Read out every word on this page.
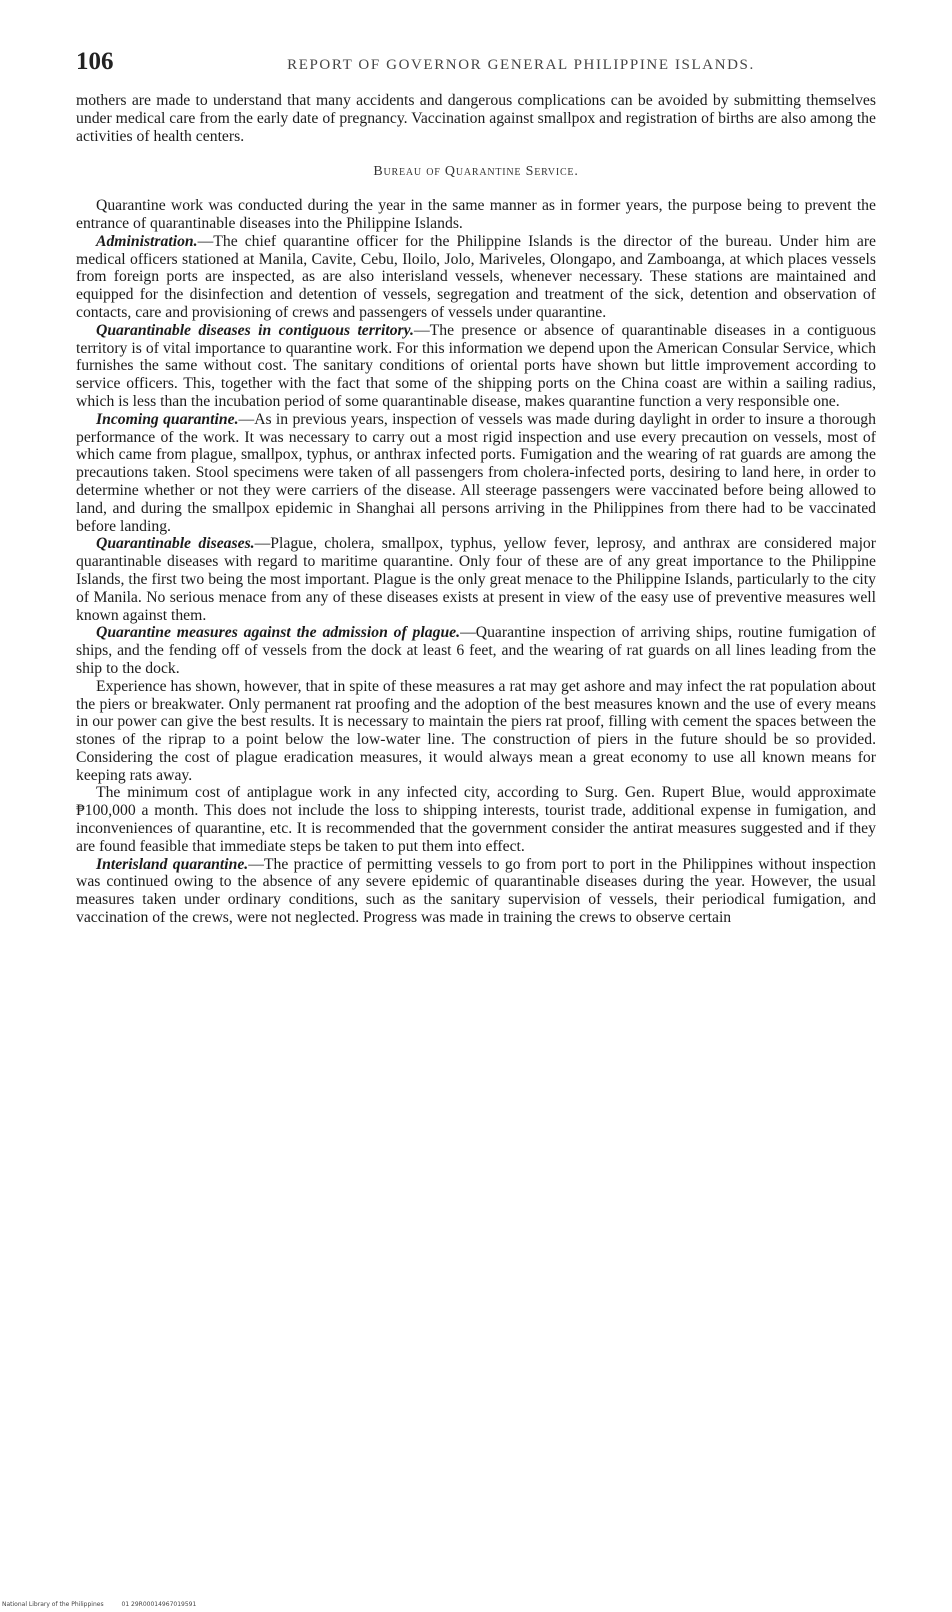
106	REPORT OF GOVERNOR GENERAL PHILIPPINE ISLANDS.

mothers are made to understand that many accidents and dangerous complications can be avoided by submitting themselves under medical care from the early date of pregnancy. Vaccination against smallpox and registration of births are also among the activities of health centers.

Bureau of Quarantine Service.

Quarantine work was conducted during the year in the same manner as in former years, the purpose being to prevent the entrance of quarantinable diseases into the Philippine Islands.

Administration.—The chief quarantine officer for the Philippine Islands is the director of the bureau. Under him are medical officers stationed at Manila, Cavite, Cebu, Iloilo, Jolo, Mariveles, Olongapo, and Zamboanga, at which places vessels from foreign ports are inspected, as are also interisland vessels, whenever necessary. These stations are maintained and equipped for the disinfection and detention of vessels, segregation and treatment of the sick, detention and observation of contacts, care and provisioning of crews and passengers of vessels under quarantine.

Quarantinable diseases in contiguous territory.—The presence or absence of quarantinable diseases in a contiguous territory is of vital importance to quarantine work. For this information we depend upon the American Consular Service, which furnishes the same without cost. The sanitary conditions of oriental ports have shown but little improvement according to service officers. This, together with the fact that some of the shipping ports on the China coast are within a sailing radius, which is less than the incubation period of some quarantinable disease, makes quarantine function a very responsible one.

Incoming quarantine.—As in previous years, inspection of vessels was made during daylight in order to insure a thorough performance of the work. It was necessary to carry out a most rigid inspection and use every precaution on vessels, most of which came from plague, smallpox, typhus, or anthrax infected ports. Fumigation and the wearing of rat guards are among the precautions taken. Stool specimens were taken of all passengers from cholera-infected ports, desiring to land here, in order to determine whether or not they were carriers of the disease. All steerage passengers were vaccinated before being allowed to land, and during the smallpox epidemic in Shanghai all persons arriving in the Philippines from there had to be vaccinated before landing.

Quarantinable diseases.—Plague, cholera, smallpox, typhus, yellow fever, leprosy, and anthrax are considered major quarantinable diseases with regard to maritime quarantine. Only four of these are of any great importance to the Philippine Islands, the first two being the most important. Plague is the only great menace to the Philippine Islands, particularly to the city of Manila. No serious menace from any of these diseases exists at present in view of the easy use of preventive measures well known against them.

Quarantine measures against the admission of plague.—Quarantine inspection of arriving ships, routine fumigation of ships, and the fending off of vessels from the dock at least 6 feet, and the wearing of rat guards on all lines leading from the ship to the dock.

Experience has shown, however, that in spite of these measures a rat may get ashore and may infect the rat population about the piers or breakwater. Only permanent rat proofing and the adoption of the best measures known and the use of every means in our power can give the best results. It is necessary to maintain the piers rat proof, filling with cement the spaces between the stones of the riprap to a point below the low-water line. The construction of piers in the future should be so provided. Considering the cost of plague eradication measures, it would always mean a great economy to use all known means for keeping rats away.

The minimum cost of antiplague work in any infected city, according to Surg. Gen. Rupert Blue, would approximate ₱100,000 a month. This does not include the loss to shipping interests, tourist trade, additional expense in fumigation, and inconveniences of quarantine, etc. It is recommended that the government consider the antirat measures suggested and if they are found feasible that immediate steps be taken to put them into effect.

Interisland quarantine.—The practice of permitting vessels to go from port to port in the Philippines without inspection was continued owing to the absence of any severe epidemic of quarantinable diseases during the year. However, the usual measures taken under ordinary conditions, such as the sanitary supervision of vessels, their periodical fumigation, and vaccination of the crews, were not neglected. Progress was made in training the crews to observe certain

National Library of the Philippines	01 29R00014967019591
